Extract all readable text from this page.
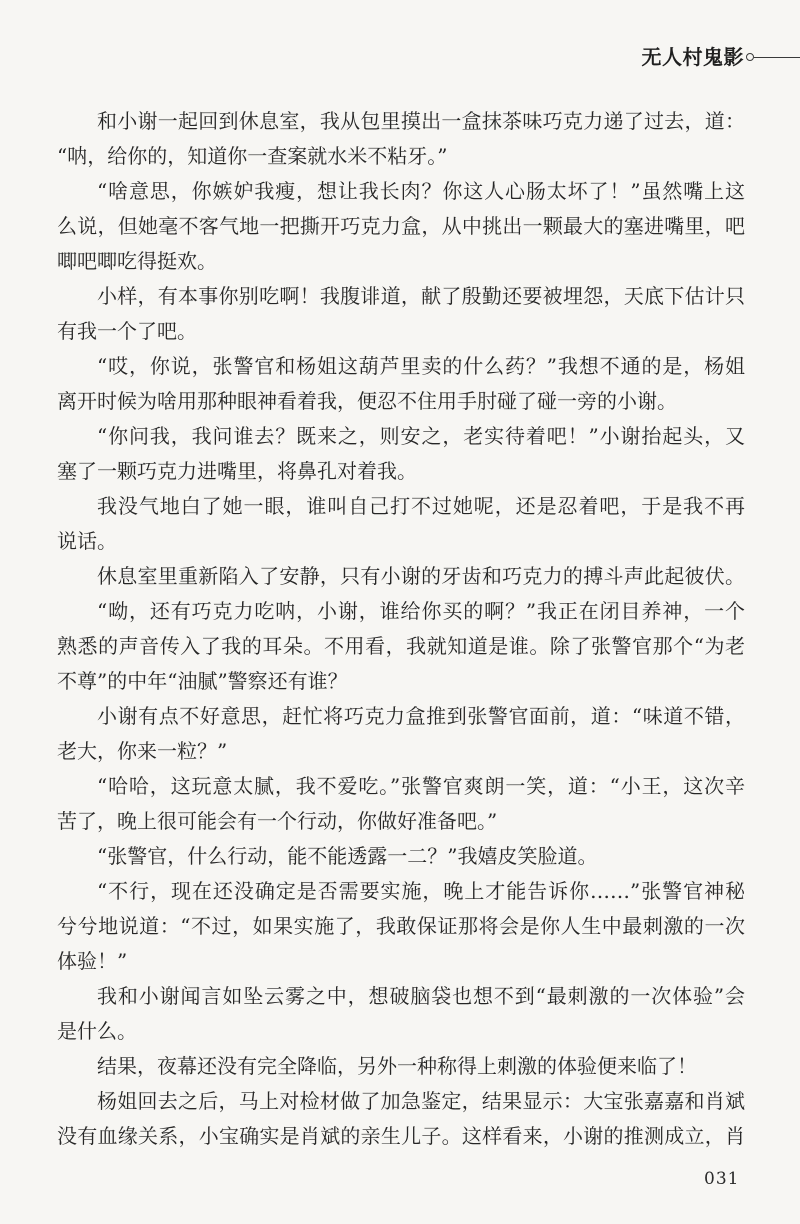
无人村鬼影

和小谢一起回到休息室，我从包里摸出一盒抹茶味巧克力递了过去，道：
“呐，给你的，知道你一查案就水米不粘牙。”

“啥意思，你嫉妒我瘦，想让我长肉？你这人心肠太坏了！”虽然嘴上这
么说，但她毫不客气地一把撕开巧克力盒，从中挑出一颗最大的塞进嘴里，吧
唧吧唧吃得挺欢。

小样，有本事你别吃啊！我腹诽道，献了殷勤还要被埋怨，天底下估计只
有我一个了吧。

“哎，你说，张警官和杨姐这葫芦里卖的什么药？”我想不通的是，杨姐
离开时候为啥用那种眼神看着我，便忍不住用手肘碰了碰一旁的小谢。

“你问我，我问谁去？既来之，则安之，老实待着吧！”小谢抬起头，又
塞了一颗巧克力进嘴里，将鼻孔对着我。

我没气地白了她一眼，谁叫自己打不过她呢，还是忍着吧，于是我不再
说话。

休息室里重新陷入了安静，只有小谢的牙齿和巧克力的搏斗声此起彼伏。

“呦，还有巧克力吃呐，小谢，谁给你买的啊？”我正在闭目养神，一个
熟悉的声音传入了我的耳朵。不用看，我就知道是谁。除了张警官那个“为老
不尊”的中年“油腻”警察还有谁？

小谢有点不好意思，赶忙将巧克力盒推到张警官面前，道：“味道不错，
老大，你来一粒？”

“哈哈，这玩意太腻，我不爱吃。”张警官爽朗一笑，道：“小王，这次辛
苦了，晚上很可能会有一个行动，你做好准备吧。”

“张警官，什么行动，能不能透露一二？”我嬉皮笑脸道。

“不行，现在还没确定是否需要实施，晚上才能告诉你……”张警官神秘
兮兮地说道：“不过，如果实施了，我敢保证那将会是你人生中最刺激的一次
体验！”

我和小谢闻言如坠云雾之中，想破脑袋也想不到“最刺激的一次体验”会
是什么。

结果，夜幕还没有完全降临，另外一种称得上刺激的体验便来临了！

杨姐回去之后，马上对检材做了加急鉴定，结果显示：大宝张嘉嘉和肖斌
没有血缘关系，小宝确实是肖斌的亲生儿子。这样看来，小谢的推测成立，肖

031
